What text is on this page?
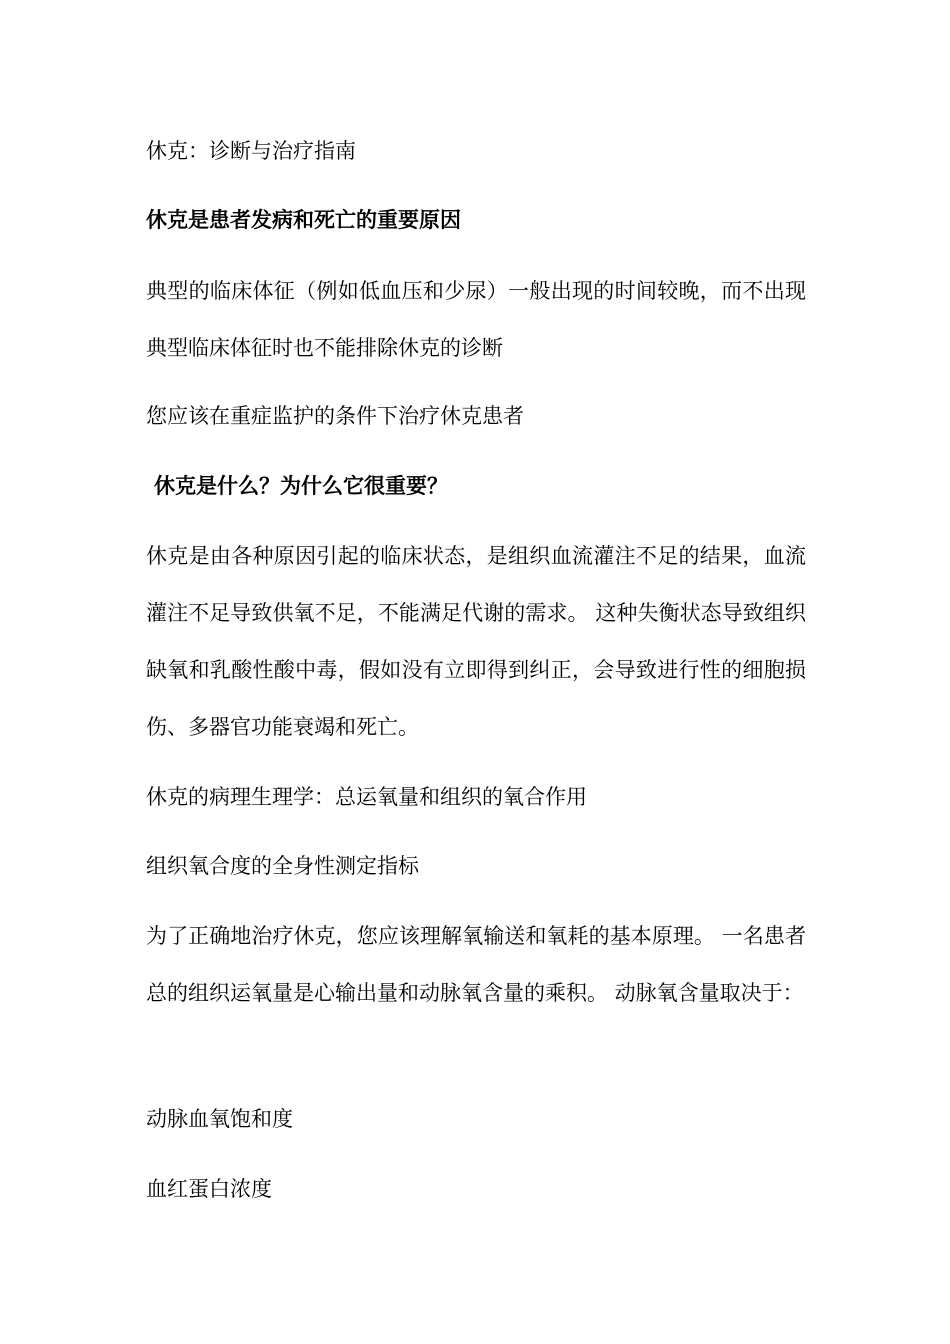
休克：诊断与治疗指南
休克是患者发病和死亡的重要原因
典型的临床体征（例如低血压和少尿）一般出现的时间较晚，而不出现典型临床体征时也不能排除休克的诊断
您应该在重症监护的条件下治疗休克患者
休克是什么？为什么它很重要？
休克是由各种原因引起的临床状态，是组织血流灌注不足的结果，血流灌注不足导致供氧不足，不能满足代谢的需求。 这种失衡状态导致组织缺氧和乳酸性酸中毒，假如没有立即得到纠正，会导致进行性的细胞损伤、多器官功能衰竭和死亡。
休克的病理生理学：总运氧量和组织的氧合作用
组织氧合度的全身性测定指标
为了正确地治疗休克，您应该理解氧输送和氧耗的基本原理。 一名患者总的组织运氧量是心输出量和动脉氧含量的乘积。 动脉氧含量取决于：
动脉血氧饱和度
血红蛋白浓度
